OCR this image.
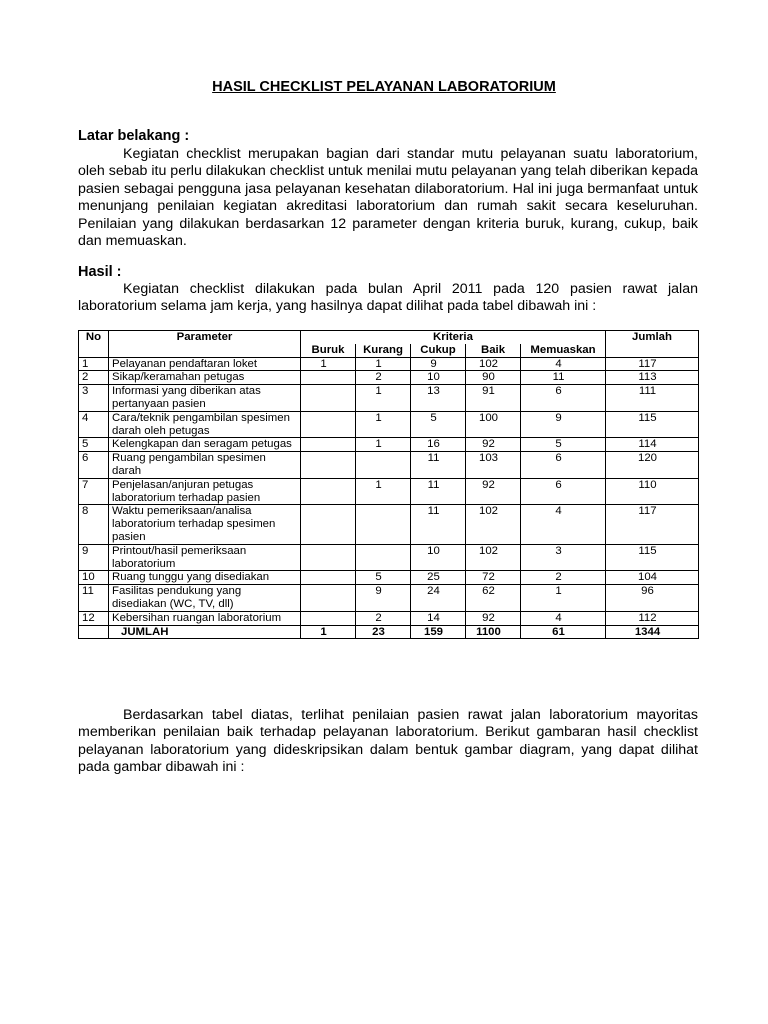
HASIL CHECKLIST PELAYANAN LABORATORIUM
Latar belakang :
Kegiatan checklist merupakan bagian dari standar mutu pelayanan suatu laboratorium, oleh sebab itu perlu dilakukan checklist untuk menilai mutu pelayanan yang telah diberikan kepada pasien sebagai pengguna jasa pelayanan kesehatan dilaboratorium. Hal ini juga bermanfaat untuk menunjang penilaian kegiatan akreditasi laboratorium dan rumah sakit secara keseluruhan. Penilaian yang dilakukan berdasarkan 12 parameter dengan kriteria buruk, kurang, cukup, baik dan memuaskan.
Hasil :
Kegiatan checklist dilakukan pada bulan April 2011 pada 120 pasien rawat jalan laboratorium selama jam kerja, yang hasilnya dapat dilihat pada tabel dibawah ini :
No	Parameter	Kriteria					Jumlah
		Buruk	Kurang	Cukup	Baik	Memuaskan	
1	Pelayanan pendaftaran loket	1	1	9	102	4	117
2	Sikap/keramahan petugas		2	10	90	11	113
3	Informasi yang diberikan atas pertanyaan pasien		1	13	91	6	111
4	Cara/teknik pengambilan spesimen darah oleh petugas		1	5	100	9	115
5	Kelengkapan dan seragam petugas		1	16	92	5	114
6	Ruang pengambilan spesimen darah			11	103	6	120
7	Penjelasan/anjuran petugas laboratorium terhadap pasien		1	11	92	6	110
8	Waktu pemeriksaan/analisa laboratorium terhadap spesimen pasien			11	102	4	117
9	Printout/hasil pemeriksaan laboratorium			10	102	3	115
10	Ruang tunggu yang disediakan		5	25	72	2	104
11	Fasilitas pendukung yang disediakan (WC, TV, dll)		9	24	62	1	96
12	Kebersihan ruangan laboratorium		2	14	92	4	112
	JUMLAH	1	23	159	1100	61	1344
Berdasarkan tabel diatas, terlihat penilaian pasien rawat jalan laboratorium mayoritas memberikan penilaian baik terhadap pelayanan laboratorium. Berikut gambaran hasil checklist pelayanan laboratorium yang dideskripsikan dalam bentuk gambar diagram, yang dapat dilihat pada gambar dibawah ini :
